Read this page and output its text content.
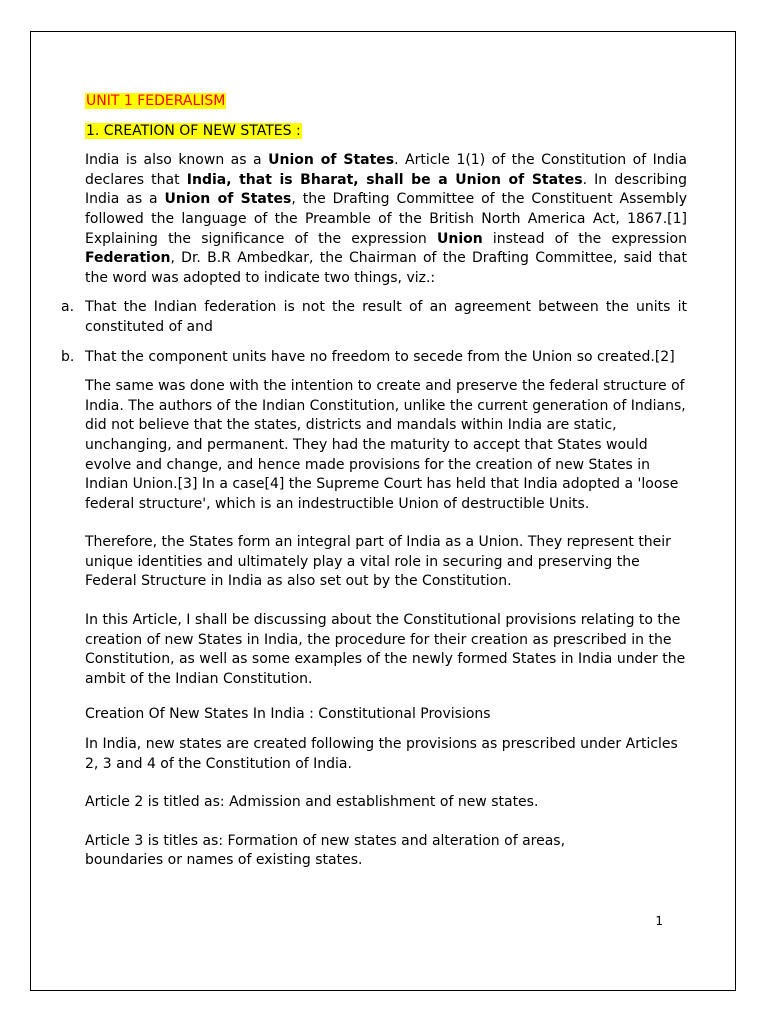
UNIT 1 FEDERALISM

1. CREATION OF NEW STATES :

India is also known as a Union of States. Article 1(1) of the Constitution of India declares that India, that is Bharat, shall be a Union of States. In describing India as a Union of States, the Drafting Committee of the Constituent Assembly followed the language of the Preamble of the British North America Act, 1867.[1] Explaining the significance of the expression Union instead of the expression Federation, Dr. B.R Ambedkar, the Chairman of the Drafting Committee, said that the word was adopted to indicate two things, viz.:

a. That the Indian federation is not the result of an agreement between the units it constituted of and
b. That the component units have no freedom to secede from the Union so created.[2]

The same was done with the intention to create and preserve the federal structure of India. The authors of the Indian Constitution, unlike the current generation of Indians, did not believe that the states, districts and mandals within India are static, unchanging, and permanent. They had the maturity to accept that States would evolve and change, and hence made provisions for the creation of new States in Indian Union.[3] In a case[4] the Supreme Court has held that India adopted a 'loose federal structure', which is an indestructible Union of destructible Units.

Therefore, the States form an integral part of India as a Union. They represent their unique identities and ultimately play a vital role in securing and preserving the Federal Structure in India as also set out by the Constitution.

In this Article, I shall be discussing about the Constitutional provisions relating to the creation of new States in India, the procedure for their creation as prescribed in the Constitution, as well as some examples of the newly formed States in India under the ambit of the Indian Constitution.

Creation Of New States In India : Constitutional Provisions

In India, new states are created following the provisions as prescribed under Articles 2, 3 and 4 of the Constitution of India.

Article 2 is titled as: Admission and establishment of new states.

Article 3 is titles as: Formation of new states and alteration of areas, boundaries or names of existing states.

1
